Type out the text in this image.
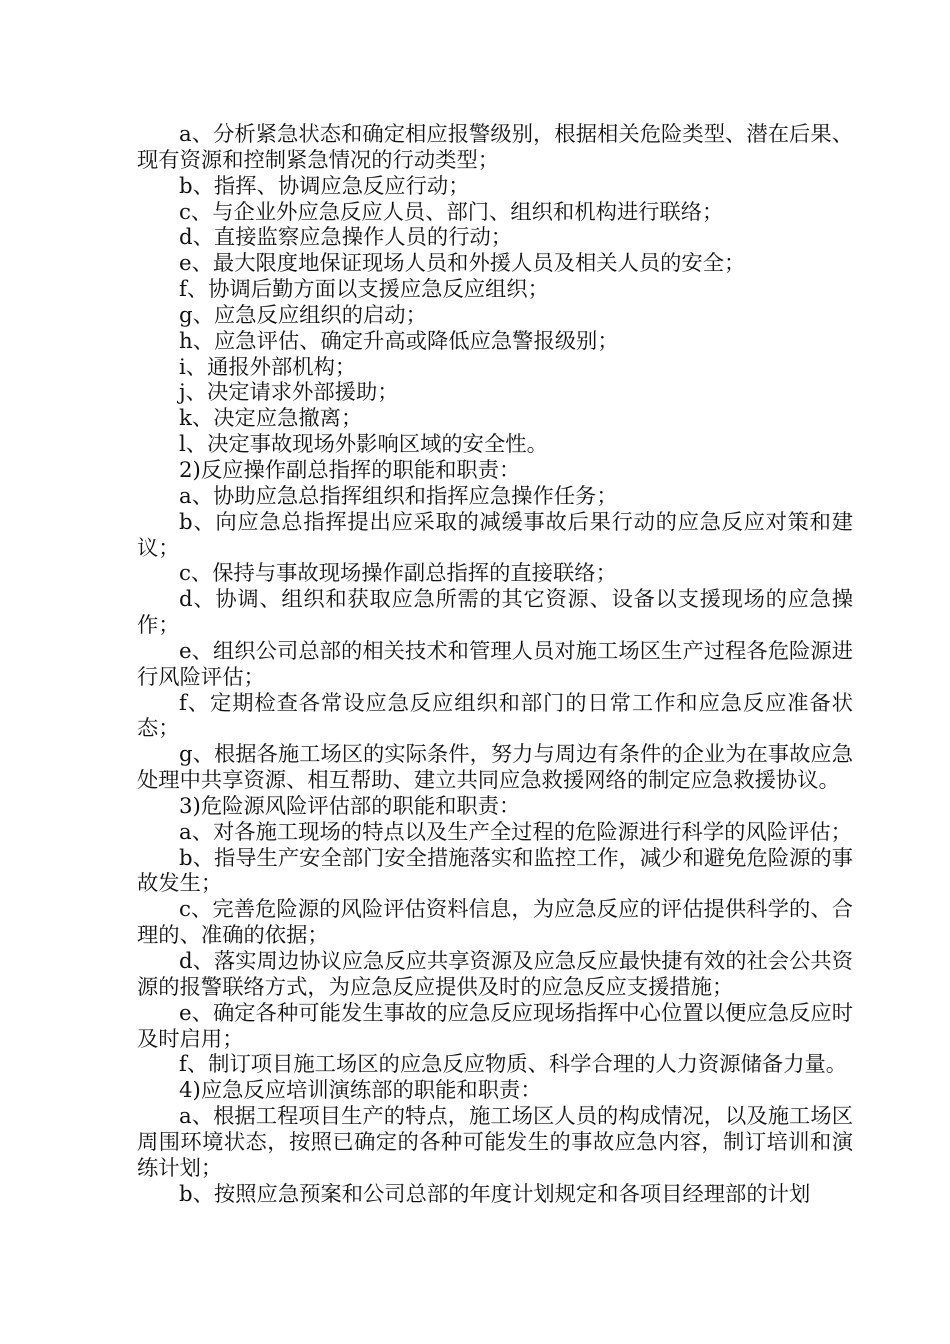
a、分析紧急状态和确定相应报警级别，根据相关危险类型、潜在后果、现有资源和控制紧急情况的行动类型；

b、指挥、协调应急反应行动；

c、与企业外应急反应人员、部门、组织和机构进行联络；

d、直接监察应急操作人员的行动；

e、最大限度地保证现场人员和外援人员及相关人员的安全；

f、协调后勤方面以支援应急反应组织；

g、应急反应组织的启动；

h、应急评估、确定升高或降低应急警报级别；

i、通报外部机构；

j、决定请求外部援助；

k、决定应急撤离；

l、决定事故现场外影响区域的安全性。

2)反应操作副总指挥的职能和职责：

a、协助应急总指挥组织和指挥应急操作任务；

b、向应急总指挥提出应采取的减缓事故后果行动的应急反应对策和建议；

c、保持与事故现场操作副总指挥的直接联络；

d、协调、组织和获取应急所需的其它资源、设备以支援现场的应急操作；

e、组织公司总部的相关技术和管理人员对施工场区生产过程各危险源进行风险评估；

f、定期检查各常设应急反应组织和部门的日常工作和应急反应准备状态；

g、根据各施工场区的实际条件，努力与周边有条件的企业为在事故应急处理中共享资源、相互帮助、建立共同应急救援网络的制定应急救援协议。

3)危险源风险评估部的职能和职责：

a、对各施工现场的特点以及生产全过程的危险源进行科学的风险评估；

b、指导生产安全部门安全措施落实和监控工作，减少和避免危险源的事故发生；

c、完善危险源的风险评估资料信息，为应急反应的评估提供科学的、合理的、准确的依据；

d、落实周边协议应急反应共享资源及应急反应最快捷有效的社会公共资源的报警联络方式，为应急反应提供及时的应急反应支援措施；

e、确定各种可能发生事故的应急反应现场指挥中心位置以便应急反应时及时启用；

f、制订项目施工场区的应急反应物质、科学合理的人力资源储备力量。

4)应急反应培训演练部的职能和职责：

a、根据工程项目生产的特点，施工场区人员的构成情况，以及施工场区周围环境状态，按照已确定的各种可能发生的事故应急内容，制订培训和演练计划；

b、按照应急预案和公司总部的年度计划规定和各项目经理部的计划
